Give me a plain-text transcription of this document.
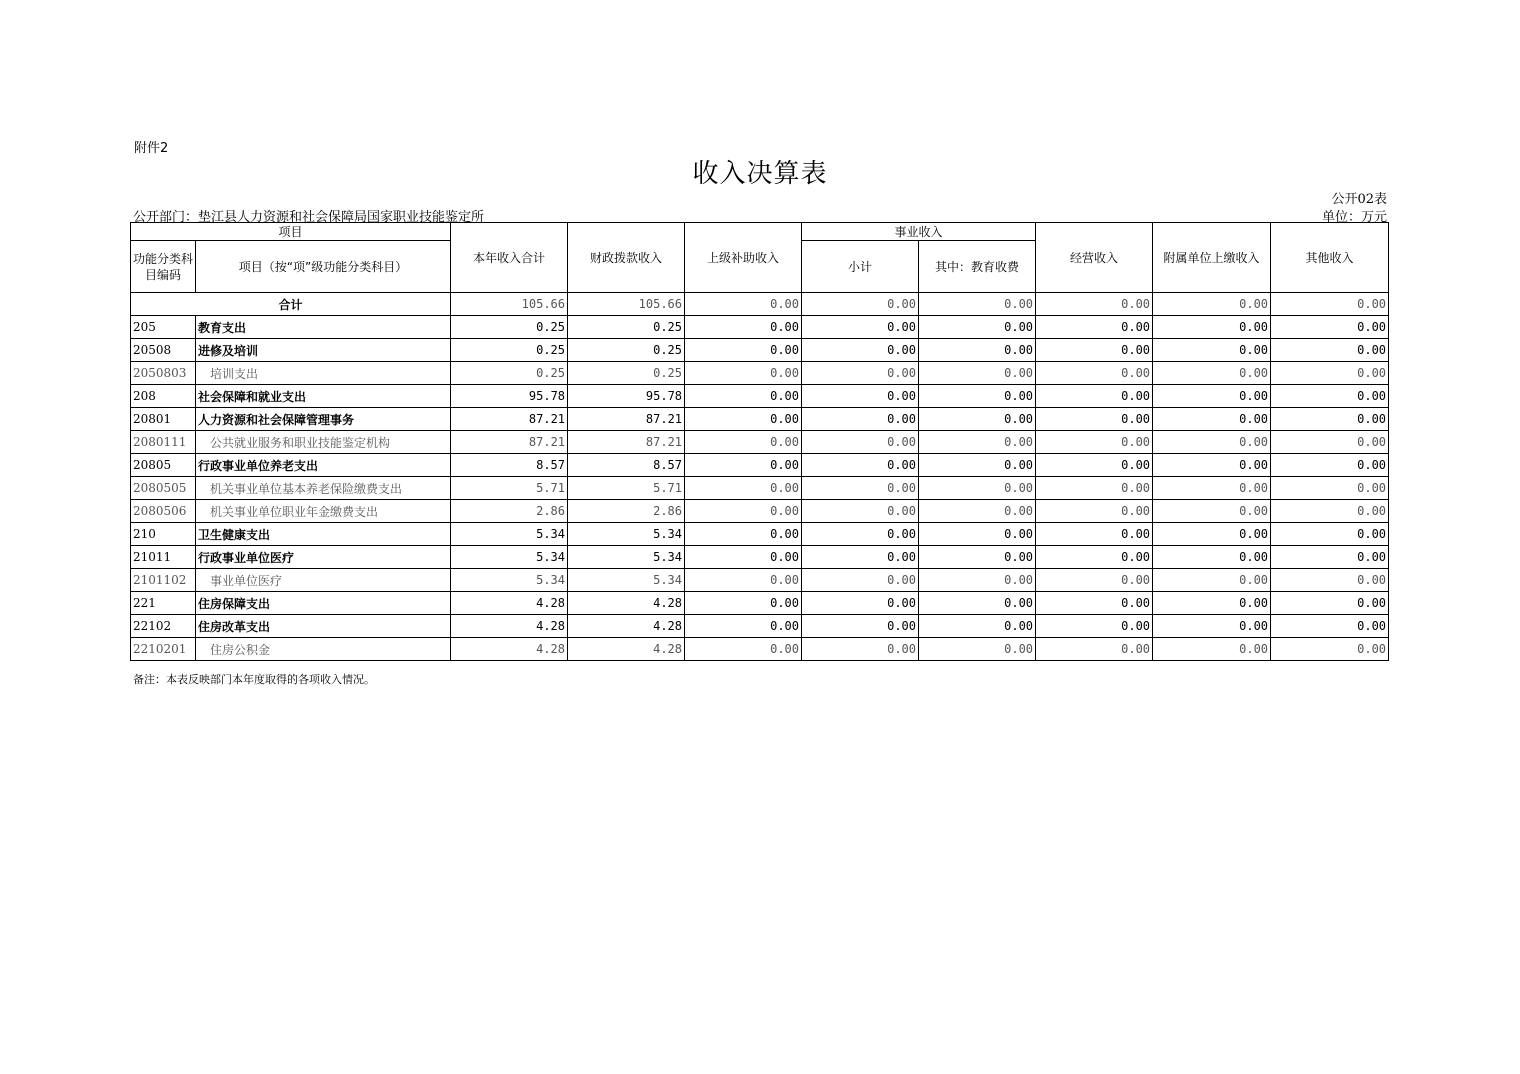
附件2
收入决算表
公开02表
公开部门：垫江县人力资源和社会保障局国家职业技能鉴定所	单位：万元
项目		本年收入合计	财政拨款收入	上级补助收入	事业收入		经营收入	附属单位上缴收入	其他收入
功能分类科目编码	项目（按“项”级功能分类科目）				小计	其中：教育收费			
合计		105.66	105.66	0.00	0.00	0.00	0.00	0.00	0.00
205	教育支出	0.25	0.25	0.00	0.00	0.00	0.00	0.00	0.00
20508	进修及培训	0.25	0.25	0.00	0.00	0.00	0.00	0.00	0.00
2050803	培训支出	0.25	0.25	0.00	0.00	0.00	0.00	0.00	0.00
208	社会保障和就业支出	95.78	95.78	0.00	0.00	0.00	0.00	0.00	0.00
20801	人力资源和社会保障管理事务	87.21	87.21	0.00	0.00	0.00	0.00	0.00	0.00
2080111	公共就业服务和职业技能鉴定机构	87.21	87.21	0.00	0.00	0.00	0.00	0.00	0.00
20805	行政事业单位养老支出	8.57	8.57	0.00	0.00	0.00	0.00	0.00	0.00
2080505	机关事业单位基本养老保险缴费支出	5.71	5.71	0.00	0.00	0.00	0.00	0.00	0.00
2080506	机关事业单位职业年金缴费支出	2.86	2.86	0.00	0.00	0.00	0.00	0.00	0.00
210	卫生健康支出	5.34	5.34	0.00	0.00	0.00	0.00	0.00	0.00
21011	行政事业单位医疗	5.34	5.34	0.00	0.00	0.00	0.00	0.00	0.00
2101102	事业单位医疗	5.34	5.34	0.00	0.00	0.00	0.00	0.00	0.00
221	住房保障支出	4.28	4.28	0.00	0.00	0.00	0.00	0.00	0.00
22102	住房改革支出	4.28	4.28	0.00	0.00	0.00	0.00	0.00	0.00
2210201	住房公积金	4.28	4.28	0.00	0.00	0.00	0.00	0.00	0.00
备注：本表反映部门本年度取得的各项收入情况。
